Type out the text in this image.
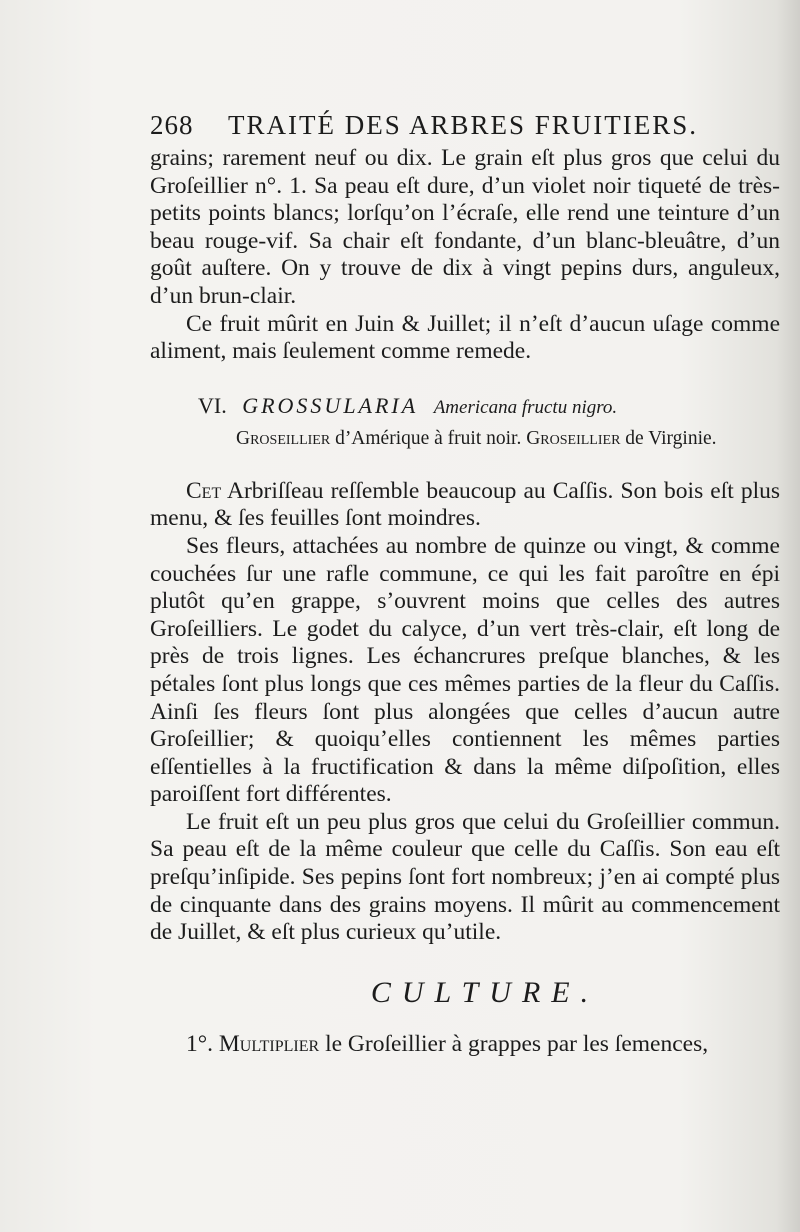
268	TRAITÉ DES ARBRES FRUITIERS.

grains; rarement neuf ou dix. Le grain eſt plus gros que celui du Groſeillier n°. 1. Sa peau eſt dure, d’un violet noir tiqueté de très-petits points blancs; lorſqu’on l’écraſe, elle rend une teinture d’un beau rouge-vif. Sa chair eſt fondante, d’un blanc-bleuâtre, d’un goût auſtere. On y trouve de dix à vingt pepins durs, anguleux, d’un brun-clair.

Ce fruit mûrit en Juin & Juillet; il n’eſt d’aucun uſage comme aliment, mais ſeulement comme remede.

VI. GROSSULARIA Americana fructu nigro.
Groseillier d’Amérique à fruit noir. Groseillier de Virginie.

Cet Arbriſſeau reſſemble beaucoup au Caſſis. Son bois eſt plus menu, & ſes feuilles ſont moindres.

Ses fleurs, attachées au nombre de quinze ou vingt, & comme couchées ſur une rafle commune, ce qui les fait paroître en épi plutôt qu’en grappe, s’ouvrent moins que celles des autres Groſeilliers. Le godet du calyce, d’un vert très-clair, eſt long de près de trois lignes. Les échancrures preſque blanches, & les pétales ſont plus longs que ces mêmes parties de la fleur du Caſſis. Ainſi ſes fleurs ſont plus alongées que celles d’aucun autre Groſeillier; & quoiqu’elles contiennent les mêmes parties eſſentielles à la fructification & dans la même diſpoſition, elles paroiſſent fort différentes.

Le fruit eſt un peu plus gros que celui du Groſeillier commun. Sa peau eſt de la même couleur que celle du Caſſis. Son eau eſt preſqu’inſipide. Ses pepins ſont fort nombreux; j’en ai compté plus de cinquante dans des grains moyens. Il mûrit au commencement de Juillet, & eſt plus curieux qu’utile.

CULTURE.

1°. Multiplier le Groſeillier à grappes par les ſemences,
